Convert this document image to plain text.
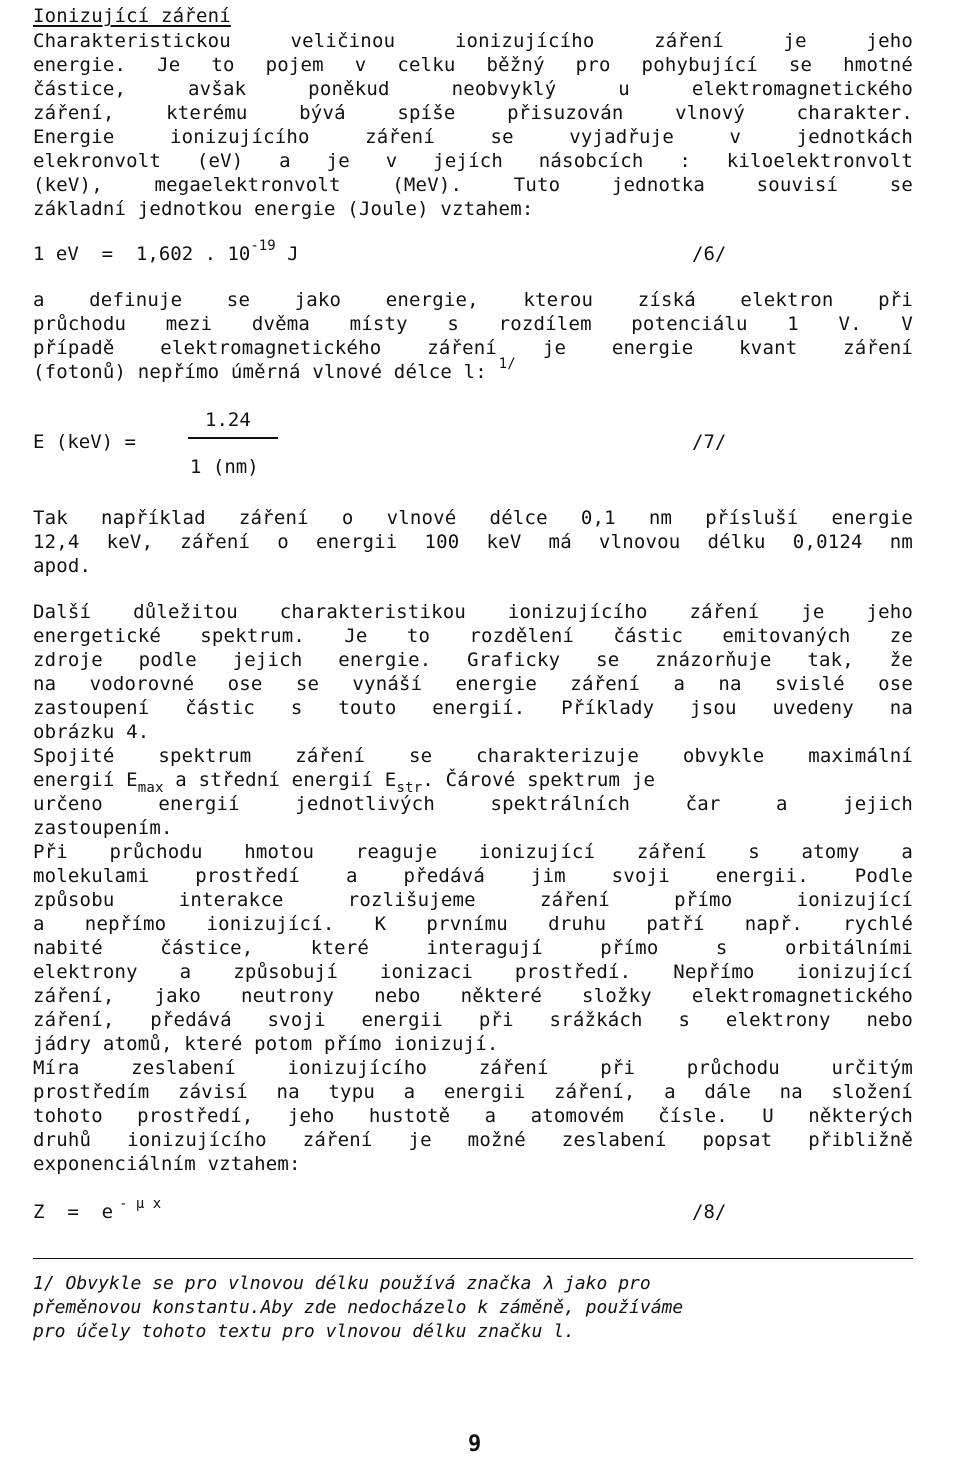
Ionizující záření
Charakteristickou veličinou ionizujícího záření je jeho
energie. Je to pojem v celku běžný pro pohybující se hmotné
částice, avšak poněkud neobvyklý u elektromagnetického
záření, kterému bývá spíše přisuzován vlnový charakter.
Energie ionizujícího záření se vyjadřuje v jednotkách
elekronvolt (eV) a je v jejích násobcích : kiloelektronvolt
(keV), megaelektronvolt (MeV). Tuto jednotka souvisí se
základní jednotkou energie (Joule) vztahem:
1 eV  =  1,602 . $10^{-19}$ J	/6/
a definuje se jako energie, kterou získá elektron při
průchodu mezi dvěma místy s rozdílem potenciálu 1 V. V
případě elektromagnetického záření je energie kvant záření
(fotonů) nepřímo úměrná vlnové délce l: $^{1/}$
E (keV) =
1.24
1 (nm)
/7/
Tak například záření o vlnové délce 0,1 nm přísluší energie
12,4 keV, záření o energii 100 keV má vlnovou délku 0,0124 nm
apod.
Další důležitou charakteristikou ionizujícího záření je jeho
energetické spektrum. Je to rozdělení částic emitovaných ze
zdroje podle jejich energie. Graficky se znázorňuje tak, že
na vodorovné ose se vynáší energie záření a na svislé ose
zastoupení částic s touto energií. Příklady jsou uvedeny na
obrázku 4.
Spojité spektrum záření se charakterizuje obvykle maximální
energií $E_{max}$ a střední energií $E_{str}$. Čárové spektrum je
určeno energií jednotlivých spektrálních čar a jejich
zastoupením.
Při průchodu hmotou reaguje ionizující záření s atomy a
molekulami prostředí a předává jim svoji energii. Podle
způsobu interakce rozlišujeme záření přímo ionizující
a nepřímo ionizující. K prvnímu druhu patří např. rychlé
nabité částice, které interagují přímo s orbitálními
elektrony a způsobují ionizaci prostředí. Nepřímo ionizující
záření, jako neutrony nebo některé složky elektromagnetického
záření, předává svoji energii při srážkách s elektrony nebo
jádry atomů, které potom přímo ionizují.
Míra zeslabení ionizujícího záření při průchodu určitým
prostředím závisí na typu a energii záření, a dále na složení
tohoto prostředí, jeho hustotě a atomovém čísle. U některých
druhů ionizujícího záření je možné zeslabení popsat přibližně
exponenciálním vztahem:
Z  =  e $^{- \mu x}$	/8/
1/ Obvykle se pro vlnovou délku používá značka λ jako pro
přeměnovou konstantu.Aby zde nedocházelo k záměně, používáme
pro účely tohoto textu pro vlnovou délku značku l.
9
